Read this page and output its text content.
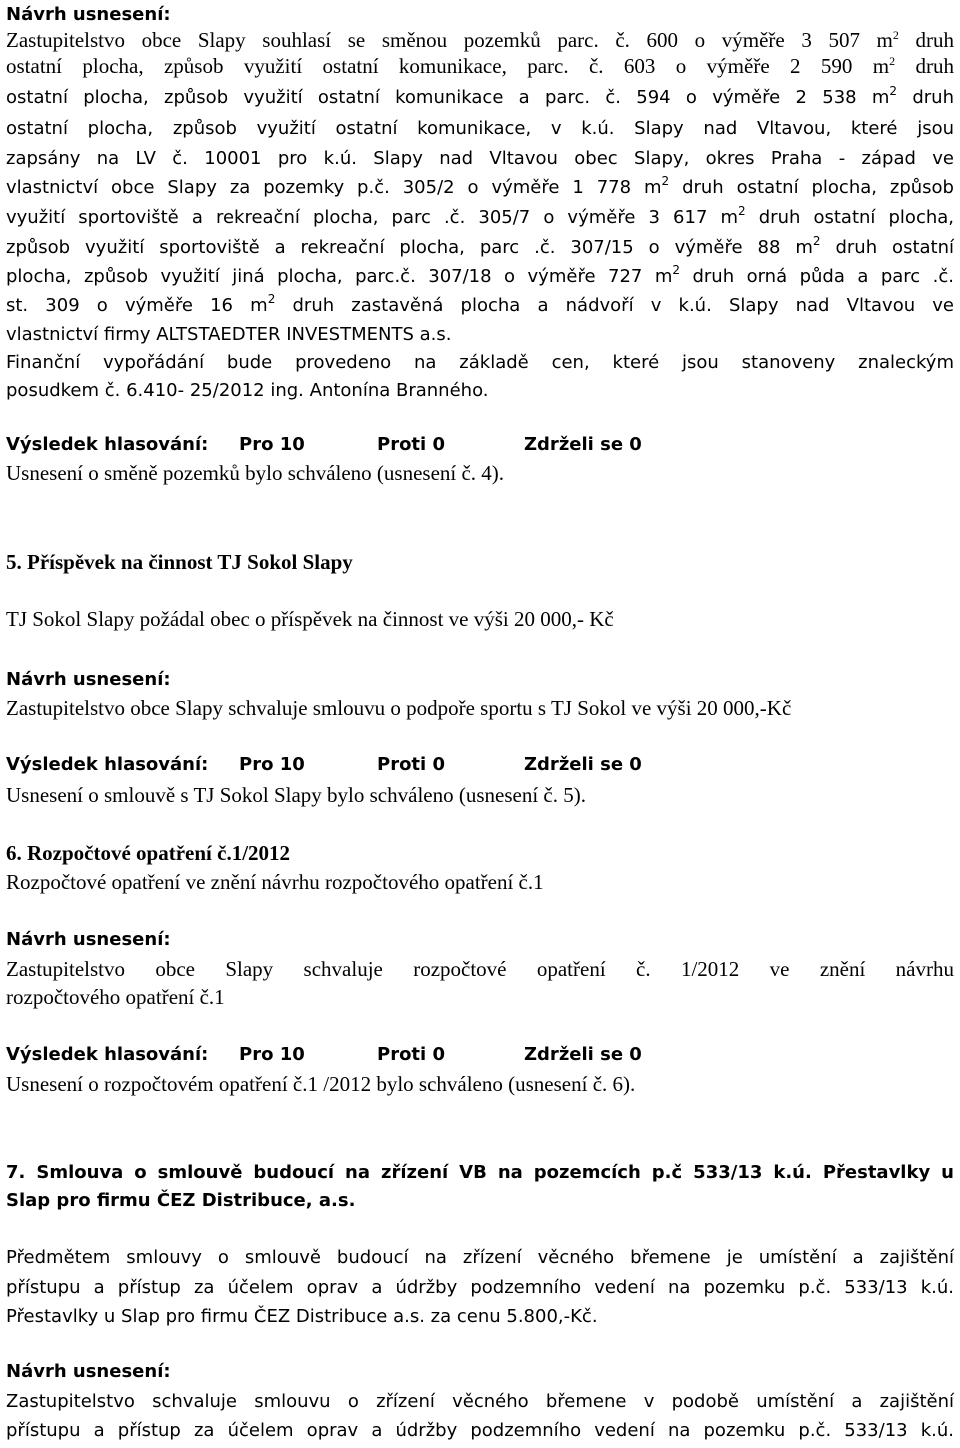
Návrh usnesení:
Zastupitelstvo obce Slapy souhlasí se směnou pozemků parc. č. 600 o výměře 3 507 $m^2$ druh
ostatní plocha, způsob využití ostatní komunikace, parc. č. 603 o výměře 2 590 $m^2$ druh
ostatní plocha, způsob využití ostatní komunikace a parc. č. 594 o výměře 2 538 $m^2$ druh
ostatní plocha, způsob využití ostatní komunikace, v k.ú. Slapy nad Vltavou, které jsou
zapsány na LV č. 10001 pro k.ú. Slapy nad Vltavou obec Slapy, okres Praha - západ ve
vlastnictví obce Slapy za pozemky p.č. 305/2 o výměře 1 778 $m^2$ druh ostatní plocha, způsob
využití sportoviště a rekreační plocha, parc .č. 305/7 o výměře 3 617 $m^2$ druh ostatní plocha,
způsob využití sportoviště a rekreační plocha, parc .č. 307/15 o výměře 88 $m^2$ druh ostatní
plocha, způsob využití jiná plocha, parc.č. 307/18 o výměře 727 $m^2$ druh orná půda a parc .č.
st. 309 o výměře 16 $m^2$ druh zastavěná plocha a nádvoří v k.ú. Slapy nad Vltavou ve
vlastnictví firmy ALTSTAEDTER INVESTMENTS a.s.
Finanční vypořádání bude provedeno na základě cen, které jsou stanoveny znaleckým
posudkem č. 6.410- 25/2012 ing. Antonína Branného.
Výsledek hlasování: Pro 10	Proti 0	Zdrželi se 0
Usnesení o směně pozemků bylo schváleno (usnesení č. 4).
5. Příspěvek na činnost TJ Sokol Slapy
TJ Sokol Slapy požádal obec o příspěvek na činnost ve výši 20 000,- Kč
Návrh usnesení:
Zastupitelstvo obce Slapy schvaluje smlouvu o podpoře sportu s TJ Sokol ve výši 20 000,-Kč
Výsledek hlasování: Pro 10	Proti 0	Zdrželi se 0
Usnesení o smlouvě s TJ Sokol Slapy bylo schváleno (usnesení č. 5).
6. Rozpočtové opatření č.1/2012
Rozpočtové opatření ve znění návrhu rozpočtového opatření č.1
Návrh usnesení:
Zastupitelstvo obce Slapy schvaluje rozpočtové opatření č. 1/2012 ve znění návrhu
rozpočtového opatření č.1
Výsledek hlasování: Pro 10	Proti 0	Zdrželi se 0
Usnesení o rozpočtovém opatření č.1 /2012 bylo schváleno (usnesení č. 6).
7. Smlouva o smlouvě budoucí na zřízení VB na pozemcích p.č 533/13 k.ú. Přestavlky u
Slap pro firmu ČEZ Distribuce, a.s.
Předmětem smlouvy o smlouvě budoucí na zřízení věcného břemene je umístění a zajištění
přístupu a přístup za účelem oprav a údržby podzemního vedení na pozemku p.č. 533/13 k.ú.
Přestavlky u Slap pro firmu ČEZ Distribuce a.s. za cenu 5.800,-Kč.
Návrh usnesení:
Zastupitelstvo schvaluje smlouvu o zřízení věcného břemene v podobě umístění a zajištění
přístupu a přístup za účelem oprav a údržby podzemního vedení na pozemku p.č. 533/13 k.ú.
